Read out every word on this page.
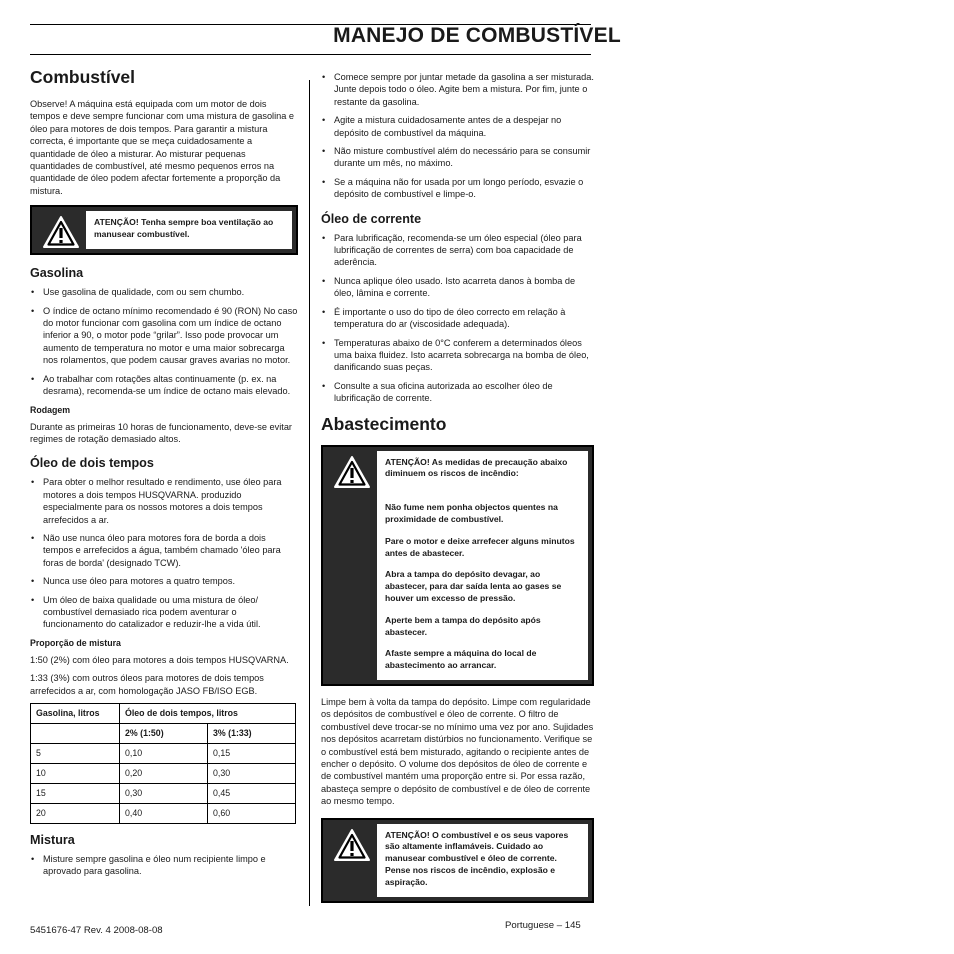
MANEJO DE COMBUSTÍVEL
Combustível

Observe! A máquina está equipada com um motor de dois tempos e deve sempre funcionar com uma mistura de gasolina e óleo para motores de dois tempos. Para garantir a mistura correcta, é importante que se meça cuidadosamente a quantidade de óleo a misturar. Ao misturar pequenas quantidades de combustível, até mesmo pequenos erros na quantidade de óleo podem afectar fortemente a proporção da mistura.

ATENÇÃO! Tenha sempre boa ventilação ao manusear combustível.

Gasolina
• Use gasolina de qualidade, com ou sem chumbo.
• O índice de octano mínimo recomendado é 90 (RON) No caso do motor funcionar com gasolina com um índice de octano inferior a 90, o motor pode “grilar”. Isso pode provocar um aumento de temperatura no motor e uma maior sobrecarga nos rolamentos, que podem causar graves avarias no motor.
• Ao trabalhar com rotações altas continuamente (p. ex. na desrama), recomenda-se um índice de octano mais elevado.
Rodagem

Durante as primeiras 10 horas de funcionamento, deve-se evitar regimes de rotação demasiado altos.

Óleo de dois tempos
• Para obter o melhor resultado e rendimento, use óleo para motores a dois tempos HUSQVARNA. produzido especialmente para os nossos motores a dois tempos arrefecidos a ar.
• Não use nunca óleo para motores fora de borda a dois tempos e arrefecidos a água, também chamado 'óleo para foras de borda' (designado TCW).
• Nunca use óleo para motores a quatro tempos.
• Um óleo de baixa qualidade ou uma mistura de óleo/ combustível demasiado rica podem aventurar o funcionamento do catalizador e reduzir-lhe a vida útil.
Proporção de mistura

1:50 (2%) com óleo para motores a dois tempos HUSQVARNA.

1:33 (3%) com outros óleos para motores de dois tempos arrefecidos a ar, com homologação JASO FB/ISO EGB.

Gasolina, litros	Óleo de dois tempos, litros	
	2% (1:50)	3% (1:33)
5	0,10	0,15
10	0,20	0,30
15	0,30	0,45
20	0,40	0,60
Mistura
• Misture sempre gasolina e óleo num recipiente limpo e aprovado para gasolina.
• Comece sempre por juntar metade da gasolina a ser misturada. Junte depois todo o óleo. Agite bem a mistura. Por fim, junte o restante da gasolina.
• Agite a mistura cuidadosamente antes de a despejar no depósito de combustível da máquina.
• Não misture combustível além do necessário para se consumir durante um mês, no máximo.
• Se a máquina não for usada por um longo período, esvazie o depósito de combustível e limpe-o.
Óleo de corrente
• Para lubrificação, recomenda-se um óleo especial (óleo para lubrificação de correntes de serra) com boa capacidade de aderência.
• Nunca aplique óleo usado. Isto acarreta danos à bomba de óleo, lâmina e corrente.
• É importante o uso do tipo de óleo correcto em relação à temperatura do ar (viscosidade adequada).
• Temperaturas abaixo de 0°C conferem a determinados óleos uma baixa fluidez. Isto acarreta sobrecarga na bomba de óleo, danificando suas peças.
• Consulte a sua oficina autorizada ao escolher óleo de lubrificação de corrente.
Abastecimento

ATENÇÃO! As medidas de precaução abaixo diminuem os riscos de incêndio:

Não fume nem ponha objectos quentes na proximidade de combustível.

Pare o motor e deixe arrefecer alguns minutos antes de abastecer.

Abra a tampa do depósito devagar, ao abastecer, para dar saída lenta ao gases se houver um excesso de pressão.

Aperte bem a tampa do depósito após abastecer.

Afaste sempre a máquina do local de abastecimento ao arrancar.

Limpe bem à volta da tampa do depósito. Limpe com regularidade os depósitos de combustível e óleo de corrente. O filtro de combustível deve trocar-se no mínimo uma vez por ano. Sujidades nos depósitos acarretam distúrbios no funcionamento. Verifique se o combustível está bem misturado, agitando o recipiente antes de encher o depósito. O volume dos depósitos de óleo de corrente e de combustível mantém uma proporção entre si. Por essa razão, abasteça sempre o depósito de combustível e de óleo de corrente ao mesmo tempo.

ATENÇÃO! O combustível e os seus vapores são altamente inflamáveis. Cuidado ao manusear combustível e óleo de corrente. Pense nos riscos de incêndio, explosão e aspiração.

5451676-47 Rev. 4 2008-08-08	Portuguese – 145
